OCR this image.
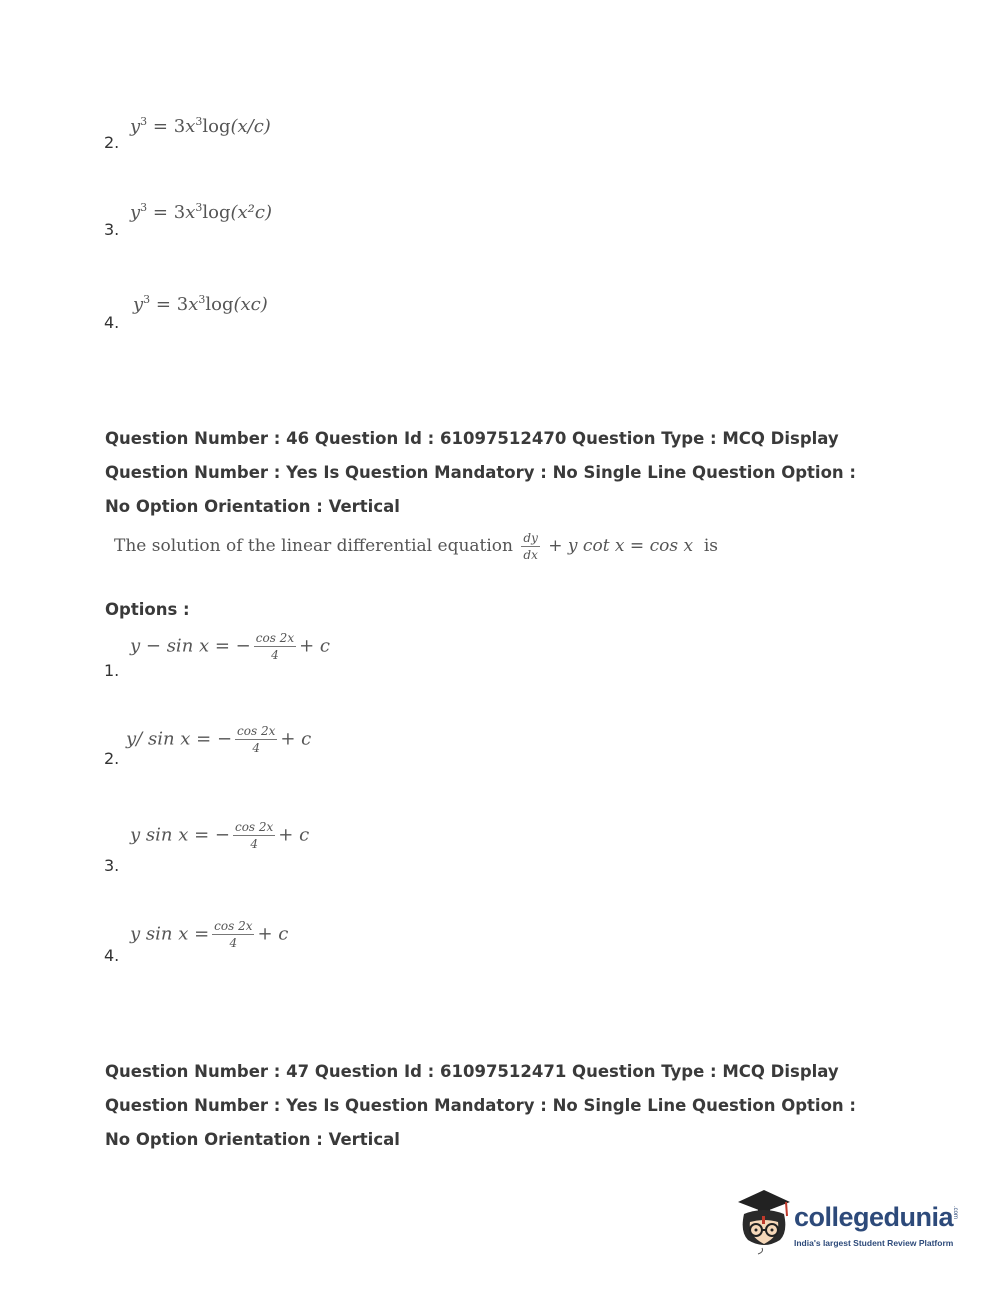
$y^3 = 3x^3\log(x/c)$
2.
$y^3 = 3x^3\log(x^2c)$
3.
$y^3 = 3x^3\log(xc)$
4.
Question Number : 46 Question Id : 61097512470 Question Type : MCQ Display Question Number : Yes Is Question Mandatory : No Single Line Question Option : No Option Orientation : Vertical
The solution of the linear differential equation $\frac{dy}{dx} + y$ cot x = cos x is
Options :
y − sin x = − $\frac{\cos 2x}{4} + c$
1.
y/ sin x = − $\frac{\cos 2x}{4} + c$
2.
y sin x = − $\frac{\cos 2x}{4} + c$
3.
y $\sin x = \frac{\cos 2x}{4} + c$
4.
Question Number : 47 Question Id : 61097512471 Question Type : MCQ Display Question Number : Yes Is Question Mandatory : No Single Line Question Option : No Option Orientation : Vertical
collegedunia
.com
India's largest Student Review Platform
